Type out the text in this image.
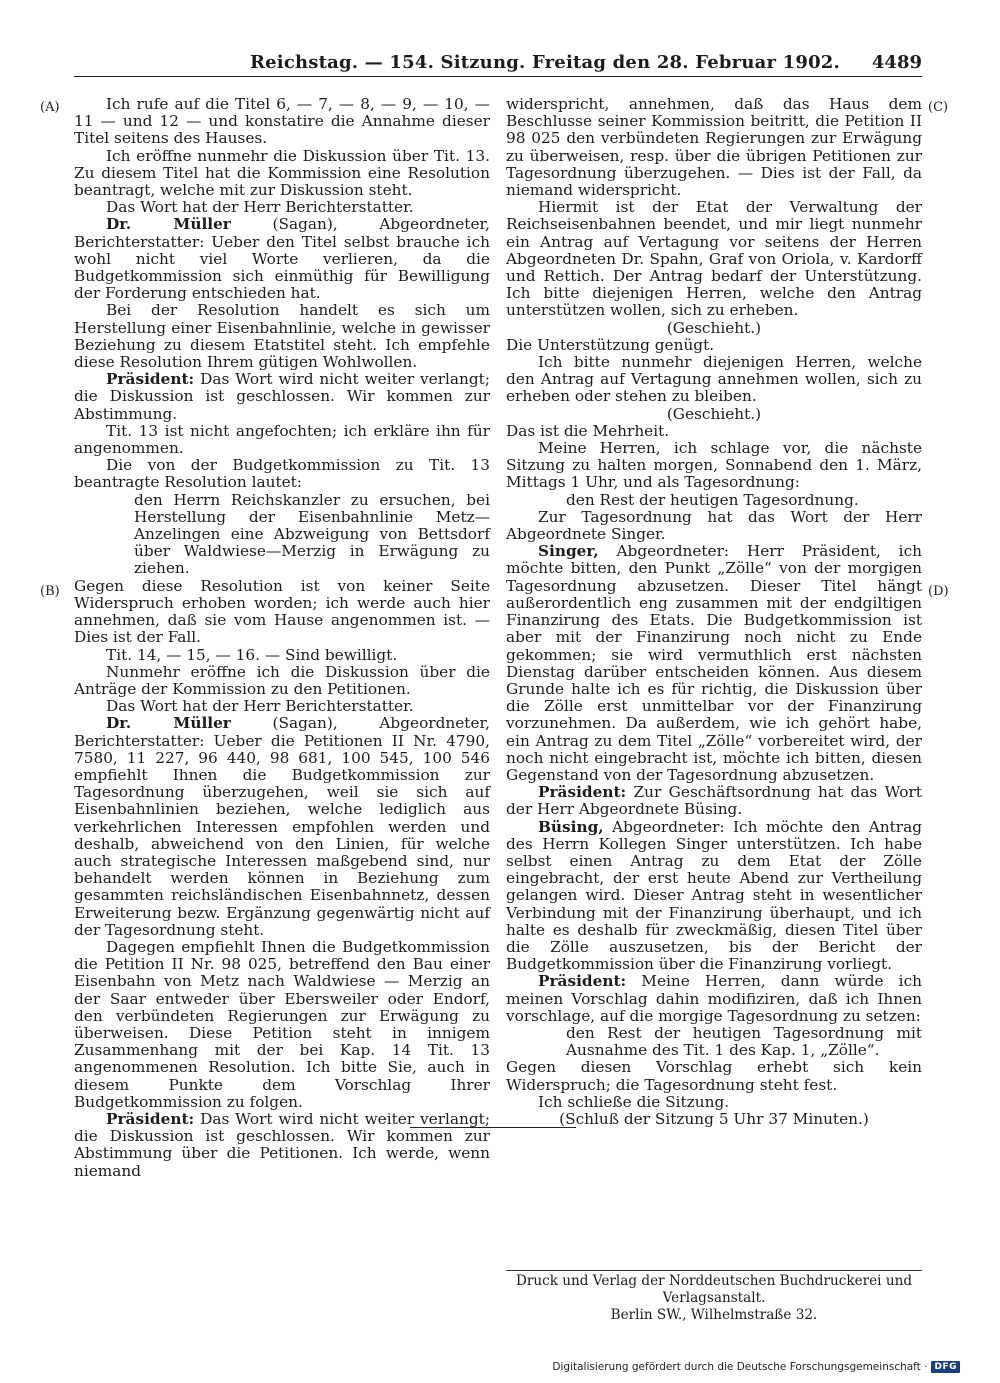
Reichstag. — 154. Sitzung. Freitag den 28. Februar 1902. 4489
(A)
(B)
(C)
(D)

Ich rufe auf die Titel 6, — 7, — 8, — 9, — 10, — 11 — und 12 — und konstatire die Annahme dieser Titel seitens des Hauses.

Ich eröffne nunmehr die Diskussion über Tit. 13. Zu diesem Titel hat die Kommission eine Resolution beantragt, welche mit zur Diskussion steht.

Das Wort hat der Herr Berichterstatter.

Dr. Müller	(Sagan), Abgeordneter, Berichterstatter: Ueber den Titel selbst brauche ich wohl nicht viel Worte verlieren, da die Budgetkommission sich einmüthig für Bewilligung der Forderung entschieden hat.

Bei der Resolution handelt es sich um Herstellung einer Eisenbahnlinie, welche in gewisser Beziehung zu diesem Etatstitel steht. Ich empfehle diese Resolution Ihrem gütigen Wohlwollen.

Präsident: Das Wort wird nicht weiter verlangt; die Diskussion ist geschlossen. Wir kommen zur Abstimmung.

Tit. 13 ist nicht angefochten; ich erkläre ihn für angenommen.

Die von der Budgetkommission zu Tit. 13 beantragte Resolution lautet:

den Herrn Reichskanzler zu ersuchen, bei Herstellung der Eisenbahnlinie Metz—Anzelingen eine Abzweigung von Bettsdorf über Waldwiese—Merzig in Erwägung zu ziehen.

Gegen diese Resolution ist von keiner Seite Widerspruch erhoben worden; ich werde auch hier annehmen, daß sie vom Hause angenommen ist. — Dies ist der Fall.

Tit. 14, — 15, — 16. — Sind bewilligt.

Nunmehr eröffne ich die Diskussion über die Anträge der Kommission zu den Petitionen.

Das Wort hat der Herr Berichterstatter.

Dr. Müller	(Sagan), Abgeordneter, Berichterstatter: Ueber die Petitionen II Nr. 4790, 7580, 11 227, 96 440, 98 681, 100 545, 100 546 empfiehlt Ihnen die Budgetkommission zur Tagesordnung überzugehen, weil sie sich auf Eisenbahnlinien beziehen, welche lediglich aus verkehrlichen Interessen empfohlen werden und deshalb, abweichend von den Linien, für welche auch strategische Interessen maßgebend sind, nur behandelt werden können in Beziehung zum gesammten reichsländischen Eisenbahnnetz, dessen Erweiterung bezw. Ergänzung gegenwärtig nicht auf der Tagesordnung steht.

Dagegen empfiehlt Ihnen die Budgetkommission die Petition II Nr. 98 025, betreffend den Bau einer Eisenbahn von Metz nach Waldwiese — Merzig an der Saar entweder über Ebersweiler oder Endorf, den verbündeten Regierungen zur Erwägung zu überweisen. Diese Petition steht in innigem Zusammenhang mit der bei Kap. 14 Tit. 13 angenommenen Resolution. Ich bitte Sie, auch in diesem Punkte dem Vorschlag Ihrer Budgetkommission zu folgen.

Präsident: Das Wort wird nicht weiter verlangt; die Diskussion ist geschlossen. Wir kommen zur Abstimmung über die Petitionen. Ich werde, wenn niemand

widerspricht, annehmen, daß das Haus dem Beschlusse seiner Kommission beitritt, die Petition II 98 025 den verbündeten Regierungen zur Erwägung zu überweisen, resp. über die übrigen Petitionen zur Tagesordnung überzugehen. — Dies ist der Fall, da niemand widerspricht.

Hiermit ist der Etat der Verwaltung der Reichseisenbahnen beendet, und mir liegt nunmehr ein Antrag auf Vertagung vor seitens der Herren Abgeordneten Dr. Spahn, Graf von Oriola, v. Kardorff und Rettich. Der Antrag bedarf der Unterstützung. Ich bitte diejenigen Herren, welche den Antrag unterstützen wollen, sich zu erheben.

(Geschieht.)

Die Unterstützung genügt.

Ich bitte nunmehr diejenigen Herren, welche den Antrag auf Vertagung annehmen wollen, sich zu erheben oder stehen zu bleiben.

(Geschieht.)

Das ist die Mehrheit.

Meine Herren, ich schlage vor, die nächste Sitzung zu halten morgen, Sonnabend den 1. März, Mittags 1 Uhr, und als Tagesordnung:

den Rest der heutigen Tagesordnung.

Zur Tagesordnung hat das Wort der Herr Abgeordnete Singer.

Singer, Abgeordneter: Herr Präsident, ich möchte bitten, den Punkt „Zölle“ von der morgigen Tagesordnung abzusetzen. Dieser Titel hängt außerordentlich eng zusammen mit der endgiltigen Finanzirung des Etats. Die Budgetkommission ist aber mit der Finanzirung noch nicht zu Ende gekommen; sie wird vermuthlich erst nächsten Dienstag darüber entscheiden können. Aus diesem Grunde halte ich es für richtig, die Diskussion über die Zölle erst unmittelbar vor der Finanzirung vorzunehmen. Da außerdem, wie ich gehört habe, ein Antrag zu dem Titel „Zölle“ vorbereitet wird, der noch nicht eingebracht ist, möchte ich bitten, diesen Gegenstand von der Tagesordnung abzusetzen.

Präsident: Zur Geschäftsordnung hat das Wort der Herr Abgeordnete Büsing.

Büsing, Abgeordneter: Ich möchte den Antrag des Herrn Kollegen Singer unterstützen. Ich habe selbst einen Antrag zu dem Etat der Zölle eingebracht, der erst heute Abend zur Vertheilung gelangen wird. Dieser Antrag steht in wesentlicher Verbindung mit der Finanzirung überhaupt, und ich halte es deshalb für zweckmäßig, diesen Titel über die Zölle auszusetzen, bis der Bericht der Budgetkommission über die Finanzirung vorliegt.

Präsident: Meine Herren, dann würde ich meinen Vorschlag dahin modifiziren, daß ich Ihnen vorschlage, auf die morgige Tagesordnung zu setzen:

den Rest der heutigen Tagesordnung mit Ausnahme des Tit. 1 des Kap. 1, „Zölle“.

Gegen diesen Vorschlag erhebt sich kein Widerspruch; die Tagesordnung steht fest.

Ich schließe die Sitzung.

(Schluß der Sitzung 5 Uhr 37 Minuten.)

Druck und Verlag der Norddeutschen Buchdruckerei und Verlagsanstalt.
Berlin SW., Wilhelmstraße 32.
Digitalisierung gefördert durch die Deutsche Forschungsgemeinschaft · DFG
